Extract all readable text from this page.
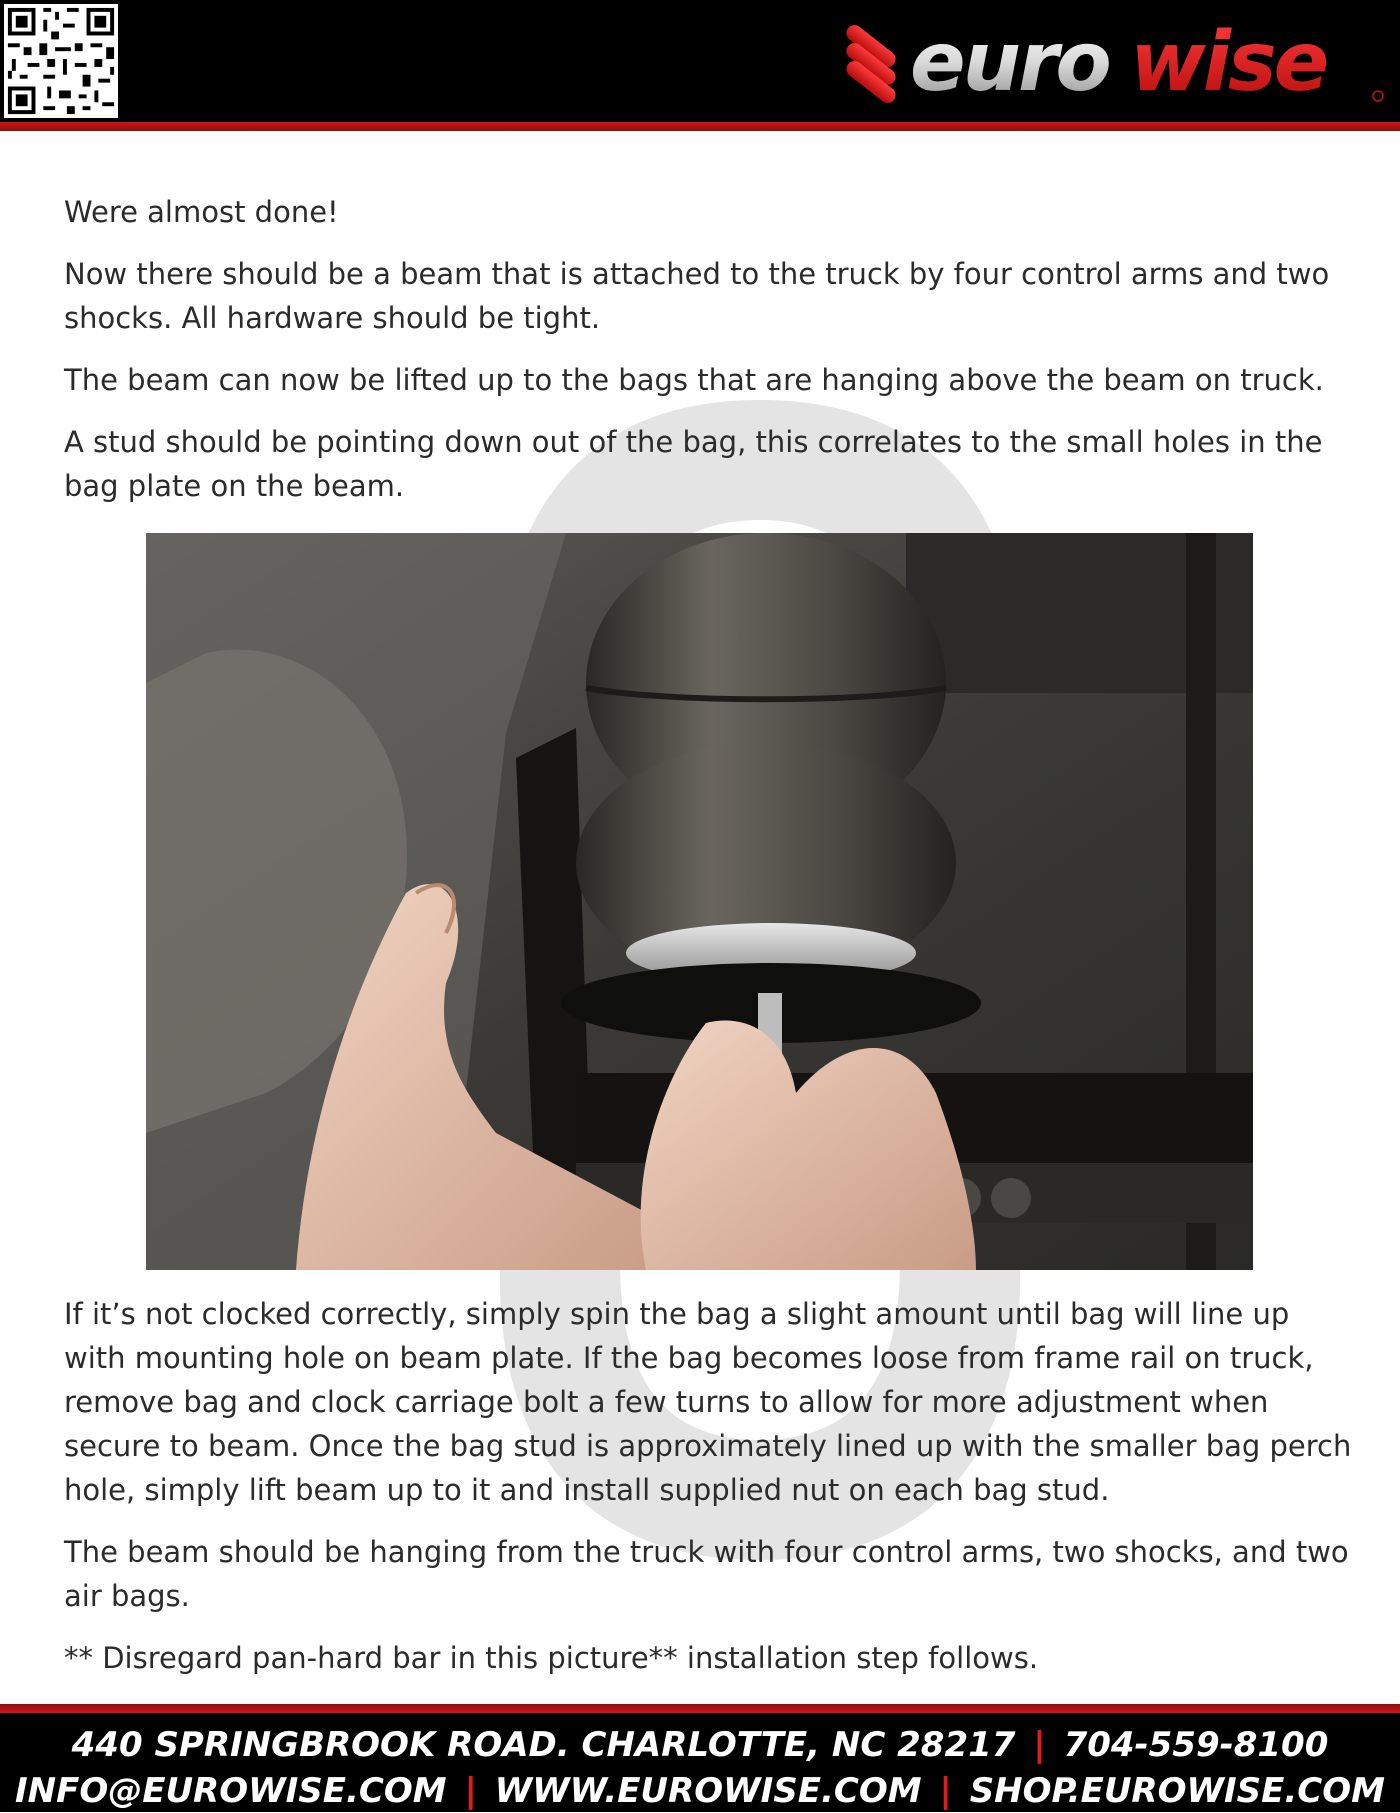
euro wise

Were almost done!

Now there should be a beam that is attached to the truck by four control arms and two shocks. All hardware should be tight.

The beam can now be lifted up to the bags that are hanging above the beam on truck.

A stud should be pointing down out of the bag, this correlates to the small holes in the bag plate on the beam.

If it’s not clocked correctly, simply spin the bag a slight amount until bag will line up with mounting hole on beam plate. If the bag becomes loose from frame rail on truck, remove bag and clock carriage bolt a few turns to allow for more adjustment when secure to beam. Once the bag stud is approximately lined up with the smaller bag perch hole, simply lift beam up to it and install supplied nut on each bag stud.

The beam should be hanging from the truck with four control arms, two shocks, and two air bags.

** Disregard pan-hard bar in this picture** installation step follows.

440 SPRINGBROOK ROAD. CHARLOTTE, NC 28217 | 704-559-8100
INFO@EUROWISE.COM | WWW.EUROWISE.COM | SHOP.EUROWISE.COM
